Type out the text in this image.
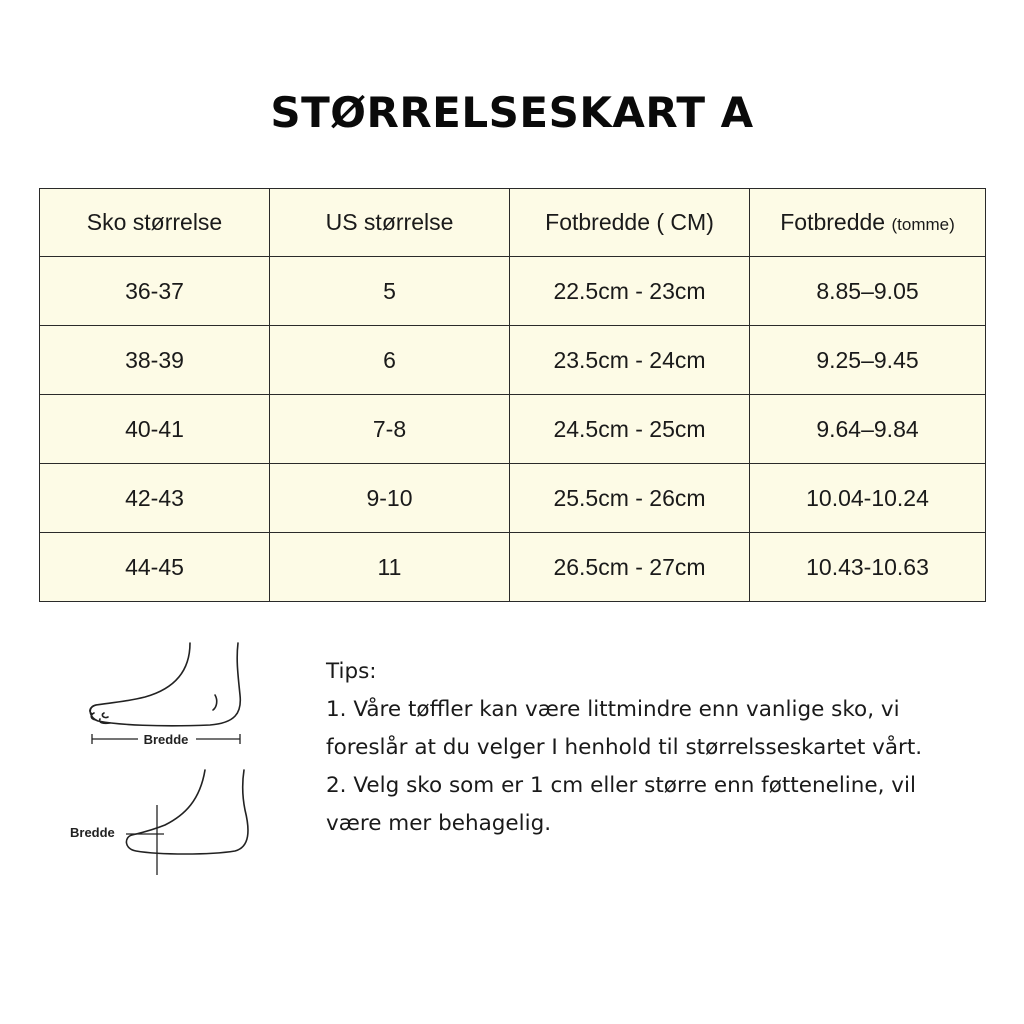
STØRRELSESKART A
Sko størrelse	US størrelse	Fotbredde ( CM)	Fotbredde (tomme)
36-37	5	22.5cm - 23cm	8.85–9.05
38-39	6	23.5cm - 24cm	9.25–9.45
40-41	7-8	24.5cm - 25cm	9.64–9.84
42-43	9-10	25.5cm - 26cm	10.04-10.24
44-45	11	26.5cm - 27cm	10.43-10.63
Bredde
Bredde

Tips:

1. Våre tøffler kan være littmindre enn vanlige sko, vi

foreslår at du velger I henhold til størrelsseskartet vårt.

2. Velg sko som er 1 cm eller større enn føtteneline, vil

være mer behagelig.
